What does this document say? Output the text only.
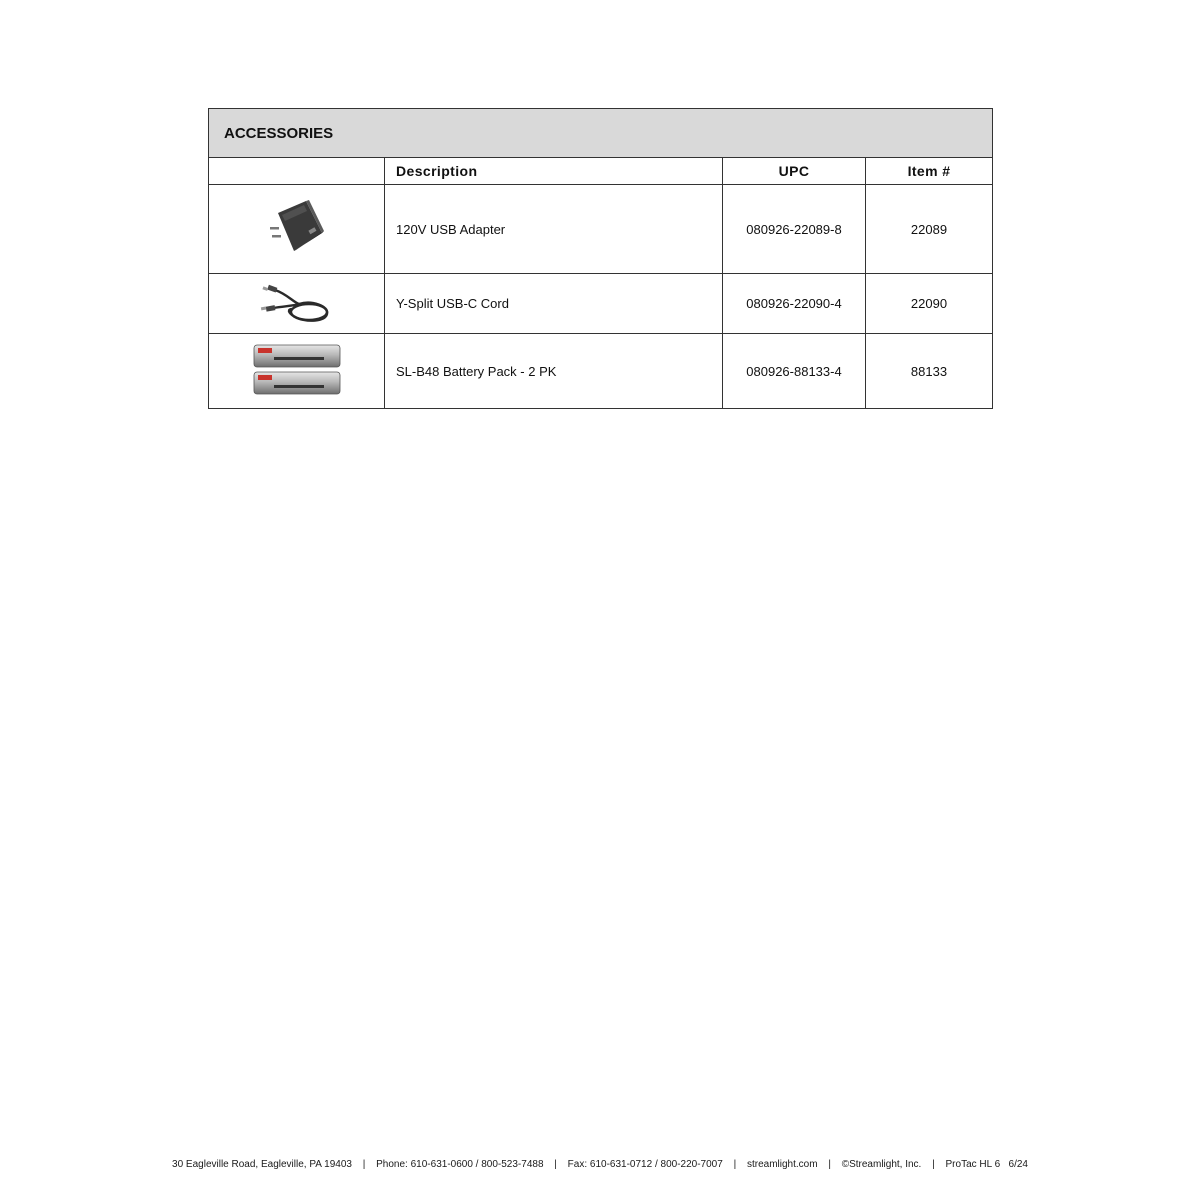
ACCESSORIES			
	Description	UPC	Item #
	120V USB Adapter	080926-22089-8	22089
	Y-Split USB-C Cord	080926-22090-4	22090
	SL-B48 Battery Pack - 2 PK	080926-88133-4	88133
30 Eagleville Road, Eagleville, PA 19403 | Phone: 610-631-0600 / 800-523-7488 | Fax: 610-631-0712 / 800-220-7007 | streamlight.com | ©Streamlight, Inc. | ProTac HL 6   6/24
